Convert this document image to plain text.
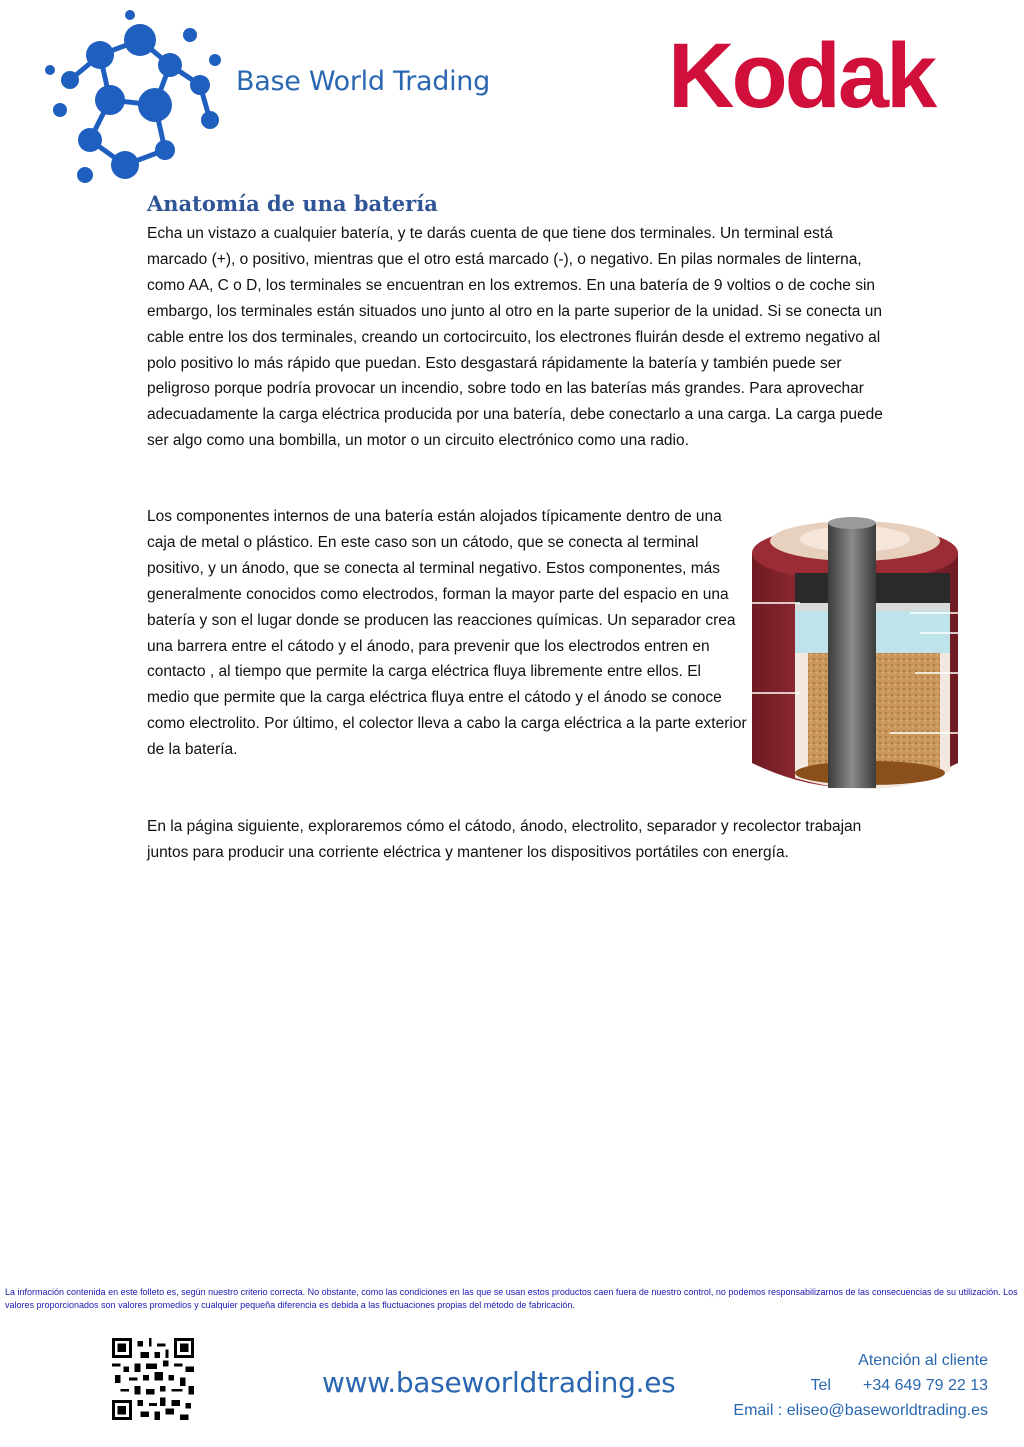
Base World Trading Kodak
Anatomía de una batería
Echa un vistazo a cualquier batería, y te darás cuenta de que tiene dos terminales. Un terminal está marcado (+), o positivo, mientras que el otro está marcado (-), o negativo. En pilas normales de linterna, como AA, C o D, los terminales se encuentran en los extremos. En una batería de 9 voltios o de coche sin embargo, los terminales están situados uno junto al otro en la parte superior de la unidad. Si se conecta un cable entre los dos terminales, creando un cortocircuito, los electrones fluirán desde el extremo negativo al polo positivo lo más rápido que puedan. Esto desgastará rápidamente la batería y también puede ser peligroso porque podría provocar un incendio, sobre todo en las baterías más grandes. Para aprovechar adecuadamente la carga eléctrica producida por una batería, debe conectarlo a una carga. La carga puede ser algo como una bombilla, un motor o un circuito electrónico como una radio.
Los componentes internos de una batería están alojados típicamente dentro de una caja de metal o plástico. En este caso son un cátodo, que se conecta al terminal positivo, y un ánodo, que se conecta al terminal negativo. Estos componentes, más generalmente conocidos como electrodos, forman la mayor parte del espacio en una batería y son el lugar donde se producen las reacciones químicas. Un separador crea una barrera entre el cátodo y el ánodo, para prevenir que los electrodos entren en contacto , al tiempo que permite la carga eléctrica fluya libremente entre ellos. El medio que permite que la carga eléctrica fluya entre el cátodo y el ánodo se conoce como electrolito. Por último, el colector lleva a cabo la carga eléctrica a la parte exterior de la batería.
En la página siguiente, exploraremos cómo el cátodo, ánodo, electrolito, separador y recolector trabajan juntos para producir una corriente eléctrica y mantener los dispositivos portátiles con energía.
La información contenida en este folleto es, según nuestro criterio correcta. No obstante, como las condiciones en las que se usan estos productos caen fuera de nuestro control, no podemos responsabilizarnos de las consecuencias de su utilización. Los valores proporcionados son valores promedios y cualquier pequeña diferencia es debida a las fluctuaciones propias del método de fabricación.
www.baseworldtrading.es
Atención al cliente
Tel +34 649 79 22 13
Email : eliseo@baseworldtrading.es
